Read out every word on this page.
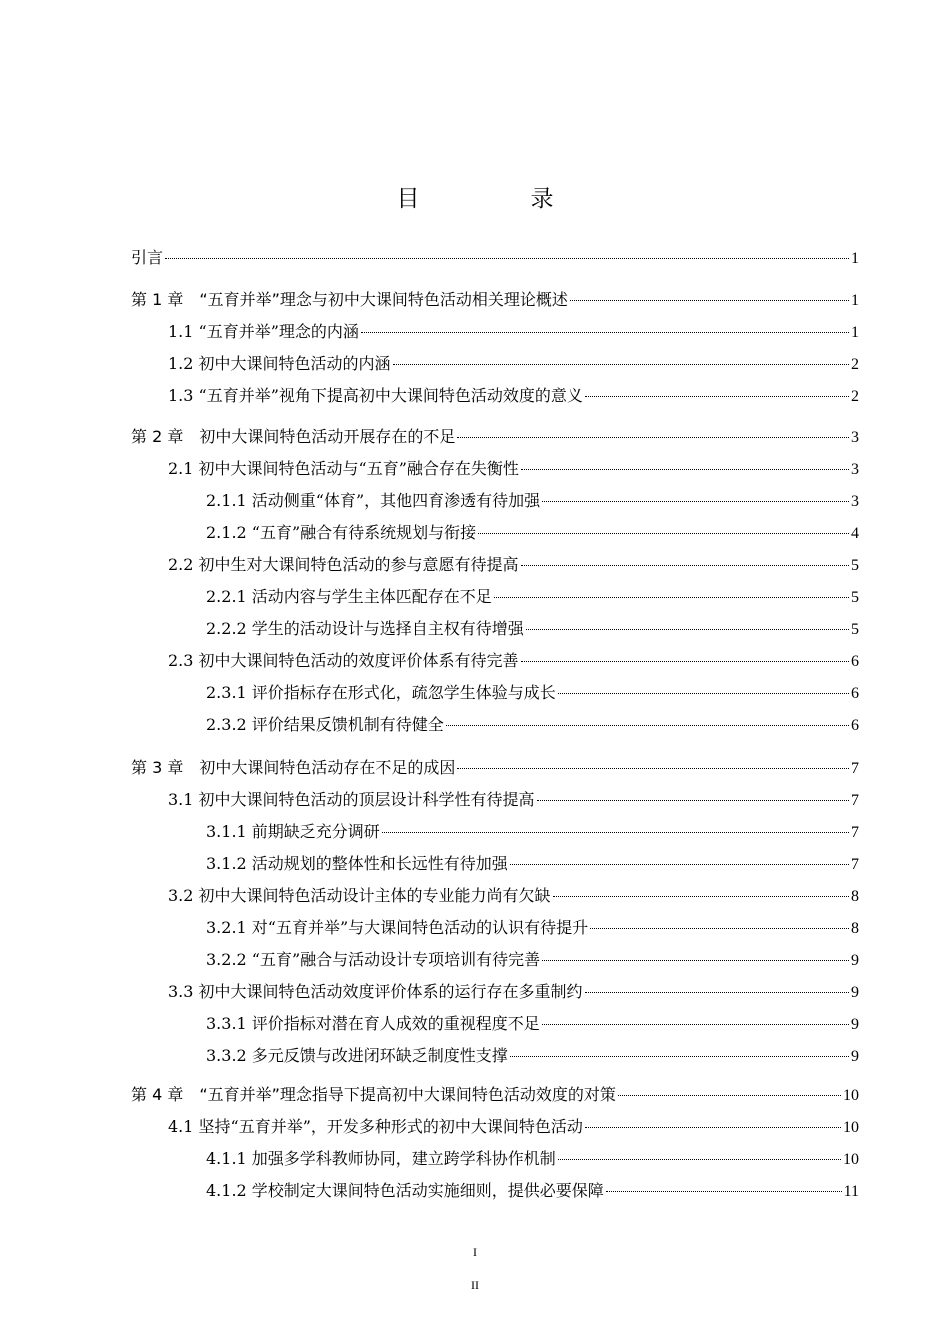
目　录
引言	1
第 1 章　“五育并举”理念与初中大课间特色活动相关理论概述	1
1.1 “五育并举”理念的内涵	1
1.2 初中大课间特色活动的内涵	2
1.3 “五育并举”视角下提高初中大课间特色活动效度的意义	2
第 2 章　初中大课间特色活动开展存在的不足	3
2.1 初中大课间特色活动与“五育”融合存在失衡性	3
2.1.1 活动侧重“体育”，其他四育渗透有待加强	3
2.1.2 “五育”融合有待系统规划与衔接	4
2.2 初中生对大课间特色活动的参与意愿有待提高	5
2.2.1 活动内容与学生主体匹配存在不足	5
2.2.2 学生的活动设计与选择自主权有待增强	5
2.3 初中大课间特色活动的效度评价体系有待完善	6
2.3.1 评价指标存在形式化，疏忽学生体验与成长	6
2.3.2 评价结果反馈机制有待健全	6
第 3 章　初中大课间特色活动存在不足的成因	7
3.1 初中大课间特色活动的顶层设计科学性有待提高	7
3.1.1 前期缺乏充分调研	7
3.1.2 活动规划的整体性和长远性有待加强	7
3.2 初中大课间特色活动设计主体的专业能力尚有欠缺	8
3.2.1 对“五育并举”与大课间特色活动的认识有待提升	8
3.2.2 “五育”融合与活动设计专项培训有待完善	9
3.3 初中大课间特色活动效度评价体系的运行存在多重制约	9
3.3.1 评价指标对潜在育人成效的重视程度不足	9
3.3.2 多元反馈与改进闭环缺乏制度性支撑	9
第 4 章　“五育并举”理念指导下提高初中大课间特色活动效度的对策	10
4.1 坚持“五育并举”，开发多种形式的初中大课间特色活动	10
4.1.1 加强多学科教师协同，建立跨学科协作机制	10
4.1.2 学校制定大课间特色活动实施细则，提供必要保障	11
I
II
